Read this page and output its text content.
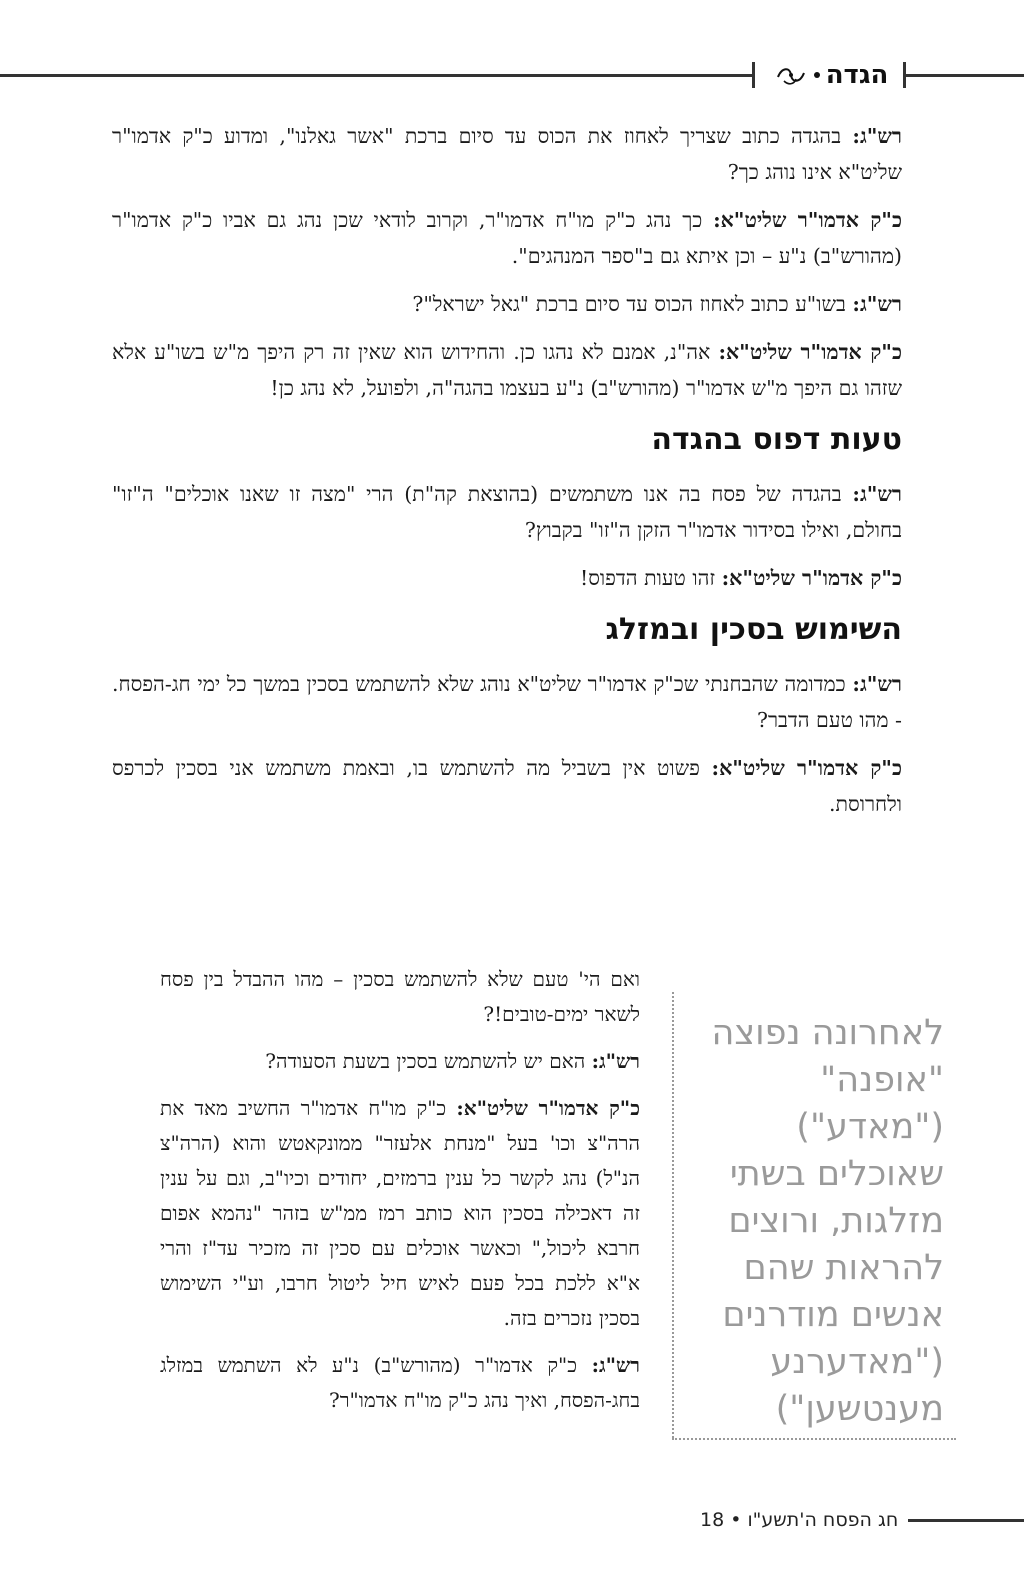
הגדה

רש"ג: בהגדה כתוב שצריך לאחוז את הכוס עד סיום ברכת "אשר גאלנו", ומדוע כ"ק אדמו"ר שליט"א אינו נוהג כך?

כ"ק אדמו"ר שליט"א: כך נהג כ"ק מו"ח אדמו"ר, וקרוב לודאי שכן נהג גם אביו כ"ק אדמו"ר (מהורש"ב) נ"ע – וכן איתא גם ב"ספר המנהגים".

רש"ג: בשו"ע כתוב לאחוז הכוס עד סיום ברכת "גאל ישראל"?

כ"ק אדמו"ר שליט"א: אה"נ, אמנם לא נהגו כן. והחידוש הוא שאין זה רק היפך מ"ש בשו"ע אלא שזהו גם היפך מ"ש אדמו"ר (מהורש"ב) נ"ע בעצמו בהגה"ה, ולפועל, לא נהג כן!

טעות דפוס בהגדה

רש"ג: בהגדה של פסח בה אנו משתמשים (בהוצאת קה"ת) הרי "מצה זו שאנו אוכלים" ה"זו" בחולם, ואילו בסידור אדמו"ר הזקן ה"זו" בקבוץ?

כ"ק אדמו"ר שליט"א: זהו טעות הדפוס!

השימוש בסכין ובמזלג

רש"ג: כמדומה שהבחנתי שכ"ק אדמו"ר שליט"א נוהג שלא להשתמש בסכין במשך כל ימי חג-הפסח. - מהו טעם הדבר?

כ"ק אדמו"ר שליט"א: פשוט אין בשביל מה להשתמש בו, ובאמת משתמש אני בסכין לכרפס ולחרוסת.

ואם הי' טעם שלא להשתמש בסכין – מהו ההבדל בין פסח לשאר ימים-טובים!?

רש"ג: האם יש להשתמש בסכין בשעת הסעודה?

כ"ק אדמו"ר שליט"א: כ"ק מו"ח אדמו"ר החשיב מאד את הרה"צ וכו' בעל "מנחת אלעזר" ממונקאטש והוא (הרה"צ הנ"ל) נהג לקשר כל ענין ברמזים, יחודים וכיו"ב, וגם על ענין זה דאכילה בסכין הוא כותב רמז ממ"ש בזהר "נהמא אפום חרבא ליכול," וכאשר אוכלים עם סכין זה מזכיר עד"ז והרי א"א ללכת בכל פעם לאיש חיל ליטול חרבו, וע"י השימוש בסכין נזכרים בזה.

רש"ג: כ"ק אדמו"ר (מהורש"ב) נ"ע לא השתמש במזלג בחג-הפסח, ואיך נהג כ"ק מו"ח אדמו"ר?

לאחרונה נפוצה "אופנה" ("מאדע") שאוכלים בשתי מזלגות, ורוצים להראות שהם אנשים מודרנים ("מאדערנע מענטשען")
חג הפסח ה'תשע"ו • 18
